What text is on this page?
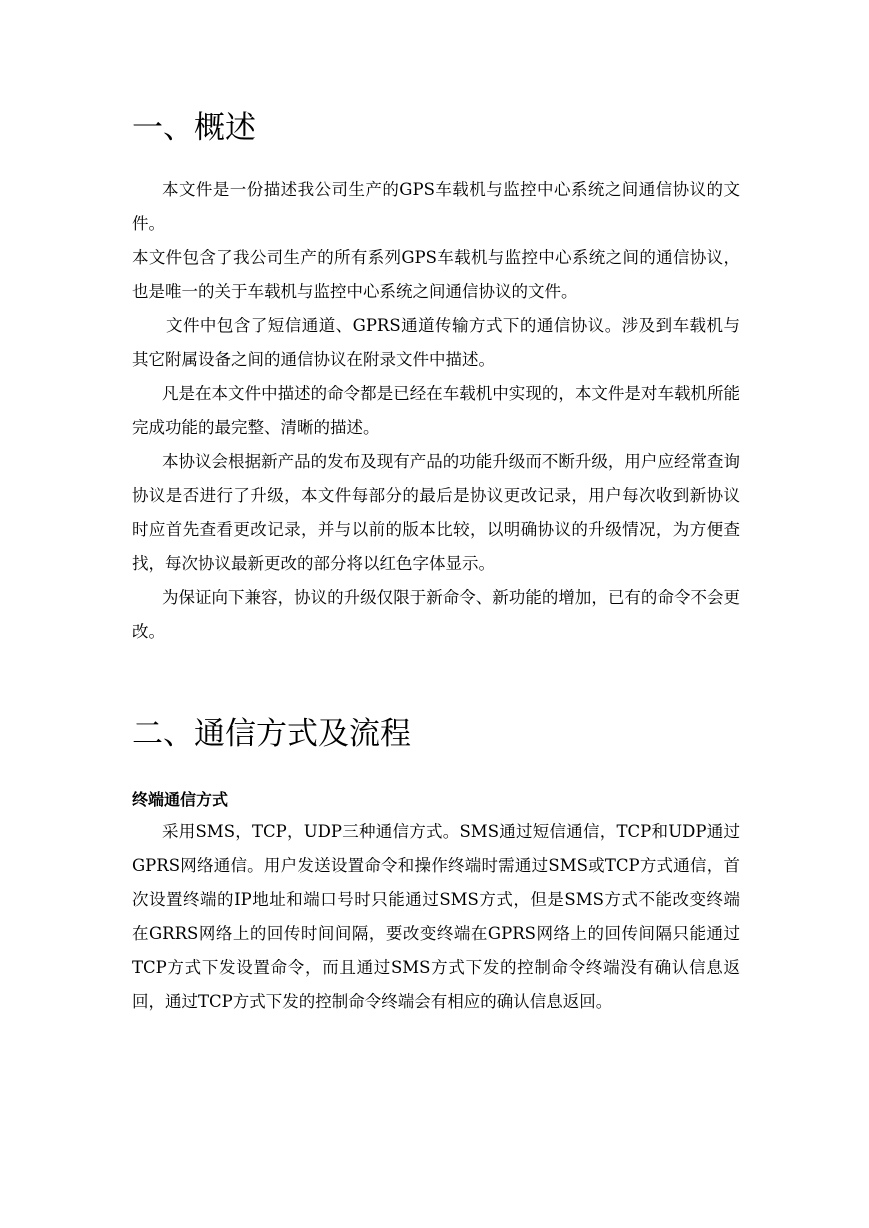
一、概述

本文件是一份描述我公司生产的GPS车载机与监控中心系统之间通信协议的文件。

本文件包含了我公司生产的所有系列GPS车载机与监控中心系统之间的通信协议，也是唯一的关于车载机与监控中心系统之间通信协议的文件。

文件中包含了短信通道、GPRS通道传输方式下的通信协议。涉及到车载机与其它附属设备之间的通信协议在附录文件中描述。

凡是在本文件中描述的命令都是已经在车载机中实现的，本文件是对车载机所能完成功能的最完整、清晰的描述。

本协议会根据新产品的发布及现有产品的功能升级而不断升级，用户应经常查询协议是否进行了升级，本文件每部分的最后是协议更改记录，用户每次收到新协议时应首先查看更改记录，并与以前的版本比较，以明确协议的升级情况，为方便查找，每次协议最新更改的部分将以红色字体显示。

为保证向下兼容，协议的升级仅限于新命令、新功能的增加，已有的命令不会更改。

二、通信方式及流程
终端通信方式

采用SMS，TCP，UDP三种通信方式。SMS通过短信通信，TCP和UDP通过GPRS网络通信。用户发送设置命令和操作终端时需通过SMS或TCP方式通信，首次设置终端的IP地址和端口号时只能通过SMS方式，但是SMS方式不能改变终端在GRRS网络上的回传时间间隔，要改变终端在GPRS网络上的回传间隔只能通过TCP方式下发设置命令，而且通过SMS方式下发的控制命令终端没有确认信息返回，通过TCP方式下发的控制命令终端会有相应的确认信息返回。
